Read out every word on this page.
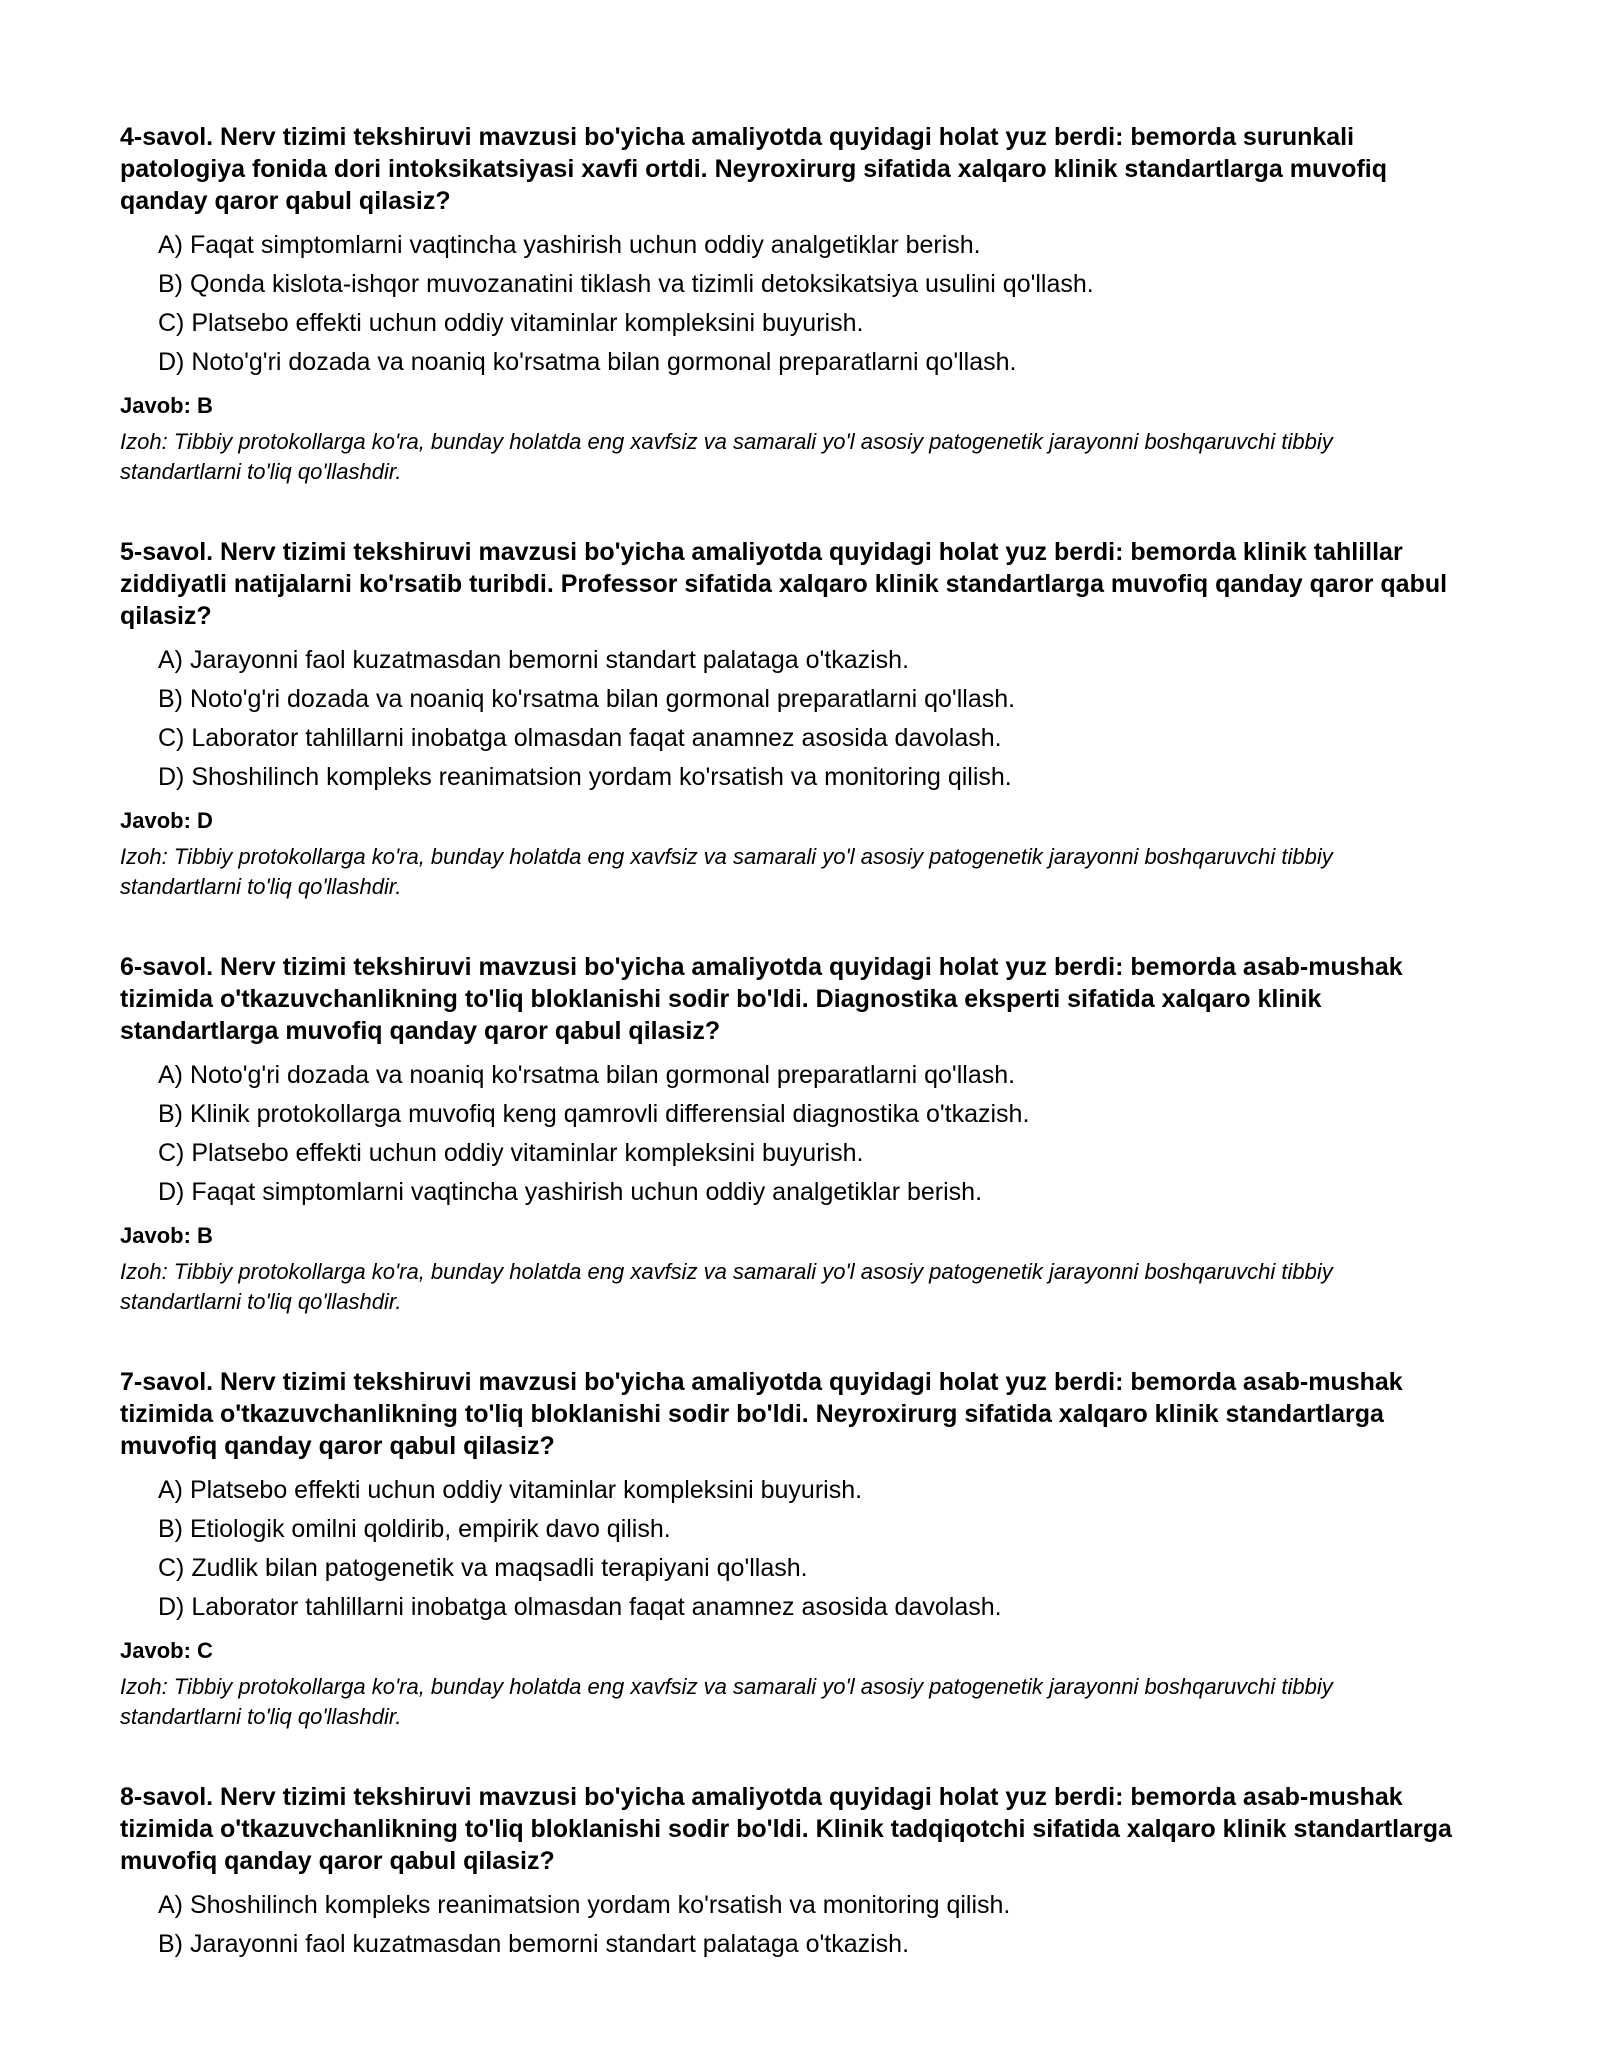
4-savol. Nerv tizimi tekshiruvi mavzusi bo'yicha amaliyotda quyidagi holat yuz berdi: bemorda surunkali patologiya fonida dori intoksikatsiyasi xavfi ortdi. Neyroxirurg sifatida xalqaro klinik standartlarga muvofiq qanday qaror qabul qilasiz?

A) Faqat simptomlarni vaqtincha yashirish uchun oddiy analgetiklar berish.
B) Qonda kislota-ishqor muvozanatini tiklash va tizimli detoksikatsiya usulini qo'llash.
C) Platsebo effekti uchun oddiy vitaminlar kompleksini buyurish.
D) Noto'g'ri dozada va noaniq ko'rsatma bilan gormonal preparatlarni qo'llash.
Javob: B
Izoh: Tibbiy protokollarga ko'ra, bunday holatda eng xavfsiz va samarali yo'l asosiy patogenetik jarayonni boshqaruvchi tibbiy standartlarni to'liq qo'llashdir.

5-savol. Nerv tizimi tekshiruvi mavzusi bo'yicha amaliyotda quyidagi holat yuz berdi: bemorda klinik tahlillar ziddiyatli natijalarni ko'rsatib turibdi. Professor sifatida xalqaro klinik standartlarga muvofiq qanday qaror qabul qilasiz?

A) Jarayonni faol kuzatmasdan bemorni standart palataga o'tkazish.
B) Noto'g'ri dozada va noaniq ko'rsatma bilan gormonal preparatlarni qo'llash.
C) Laborator tahlillarni inobatga olmasdan faqat anamnez asosida davolash.
D) Shoshilinch kompleks reanimatsion yordam ko'rsatish va monitoring qilish.
Javob: D
Izoh: Tibbiy protokollarga ko'ra, bunday holatda eng xavfsiz va samarali yo'l asosiy patogenetik jarayonni boshqaruvchi tibbiy standartlarni to'liq qo'llashdir.

6-savol. Nerv tizimi tekshiruvi mavzusi bo'yicha amaliyotda quyidagi holat yuz berdi: bemorda asab-mushak tizimida o'tkazuvchanlikning to'liq bloklanishi sodir bo'ldi. Diagnostika eksperti sifatida xalqaro klinik standartlarga muvofiq qanday qaror qabul qilasiz?

A) Noto'g'ri dozada va noaniq ko'rsatma bilan gormonal preparatlarni qo'llash.
B) Klinik protokollarga muvofiq keng qamrovli differensial diagnostika o'tkazish.
C) Platsebo effekti uchun oddiy vitaminlar kompleksini buyurish.
D) Faqat simptomlarni vaqtincha yashirish uchun oddiy analgetiklar berish.
Javob: B
Izoh: Tibbiy protokollarga ko'ra, bunday holatda eng xavfsiz va samarali yo'l asosiy patogenetik jarayonni boshqaruvchi tibbiy standartlarni to'liq qo'llashdir.

7-savol. Nerv tizimi tekshiruvi mavzusi bo'yicha amaliyotda quyidagi holat yuz berdi: bemorda asab-mushak tizimida o'tkazuvchanlikning to'liq bloklanishi sodir bo'ldi. Neyroxirurg sifatida xalqaro klinik standartlarga muvofiq qanday qaror qabul qilasiz?

A) Platsebo effekti uchun oddiy vitaminlar kompleksini buyurish.
B) Etiologik omilni qoldirib, empirik davo qilish.
C) Zudlik bilan patogenetik va maqsadli terapiyani qo'llash.
D) Laborator tahlillarni inobatga olmasdan faqat anamnez asosida davolash.
Javob: C
Izoh: Tibbiy protokollarga ko'ra, bunday holatda eng xavfsiz va samarali yo'l asosiy patogenetik jarayonni boshqaruvchi tibbiy standartlarni to'liq qo'llashdir.

8-savol. Nerv tizimi tekshiruvi mavzusi bo'yicha amaliyotda quyidagi holat yuz berdi: bemorda asab-mushak tizimida o'tkazuvchanlikning to'liq bloklanishi sodir bo'ldi. Klinik tadqiqotchi sifatida xalqaro klinik standartlarga muvofiq qanday qaror qabul qilasiz?

A) Shoshilinch kompleks reanimatsion yordam ko'rsatish va monitoring qilish.
B) Jarayonni faol kuzatmasdan bemorni standart palataga o'tkazish.
